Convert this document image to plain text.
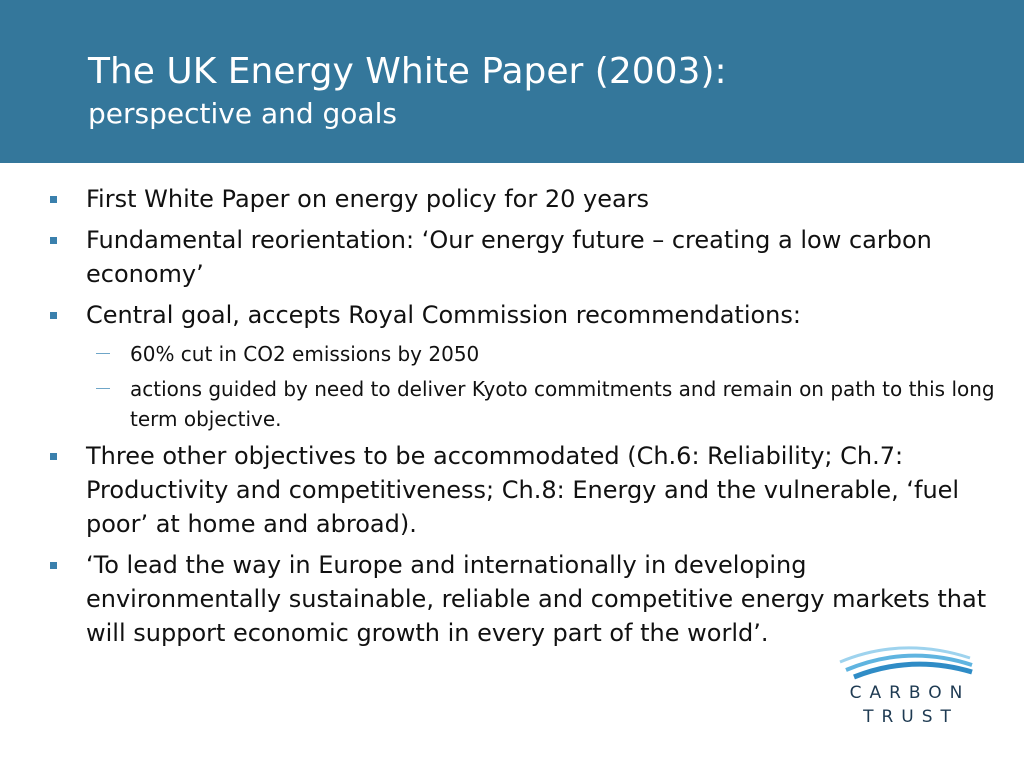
The UK Energy White Paper (2003):
perspective and goals
First White Paper on energy policy for 20 years
Fundamental reorientation: ‘Our energy future – creating a low carbon economy’
Central goal, accepts Royal Commission recommendations:
60% cut in CO2 emissions by 2050
actions guided by need to deliver Kyoto commitments and remain on path to this long term objective.
Three other objectives to be accommodated (Ch.6: Reliability; Ch.7: Productivity and competitiveness; Ch.8: Energy and the vulnerable, ‘fuel poor’ at home and abroad).
‘To lead the way in Europe and internationally in developing environmentally sustainable, reliable and competitive energy markets that will support economic growth in every part of the world’.
CARBON
TRUST
